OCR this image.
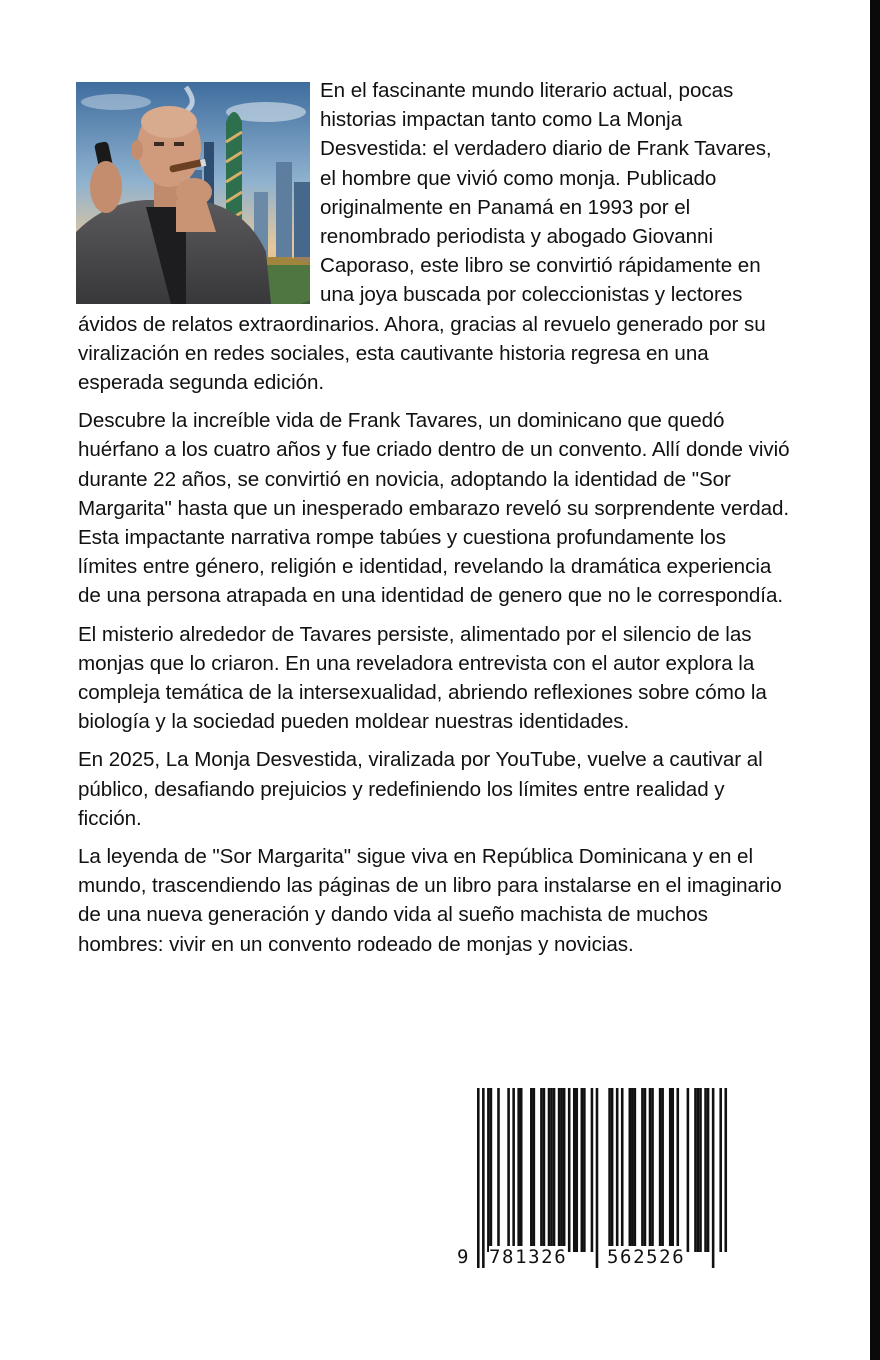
En el fascinante mundo literario actual, pocas historias impactan tanto como La Monja Desvestida: el verdadero diario de Frank Tavares, el hombre que vivió como monja. Publicado originalmente en Panamá en 1993 por el renombrado periodista y abogado Giovanni Caporaso, este libro se convirtió rápidamente en una joya buscada por coleccionistas y lectores ávidos de relatos extraordinarios. Ahora, gracias al revuelo generado por su viralización en redes sociales, esta cautivante historia regresa en una esperada segunda edición.

Descubre la increíble vida de Frank Tavares, un dominicano que quedó huérfano a los cuatro años y fue criado dentro de un convento. Allí donde vivió durante 22 años, se convirtió en novicia, adoptando la identidad de "Sor Margarita" hasta que un inesperado embarazo reveló su sorprendente verdad. Esta impactante narrativa rompe tabúes y cuestiona profundamente los límites entre género, religión e identidad, revelando la dramática experiencia de una persona atrapada en una identidad de genero que no le correspondía.

El misterio alrededor de Tavares persiste, alimentado por el silencio de las monjas que lo criaron. En una reveladora entrevista con el autor explora la compleja temática de la intersexualidad, abriendo reflexiones sobre cómo la biología y la sociedad pueden moldear nuestras identidades.

En 2025, La Monja Desvestida, viralizada por YouTube, vuelve a cautivar al público, desafiando prejuicios y redefiniendo los límites entre realidad y ficción.

La leyenda de "Sor Margarita" sigue viva en República Dominicana y en el mundo, trascendiendo las páginas de un libro para instalarse en el imaginario de una nueva generación y dando vida al sueño machista de muchos hombres: vivir en un convento rodeado de monjas y novicias.

9 781326 562526
